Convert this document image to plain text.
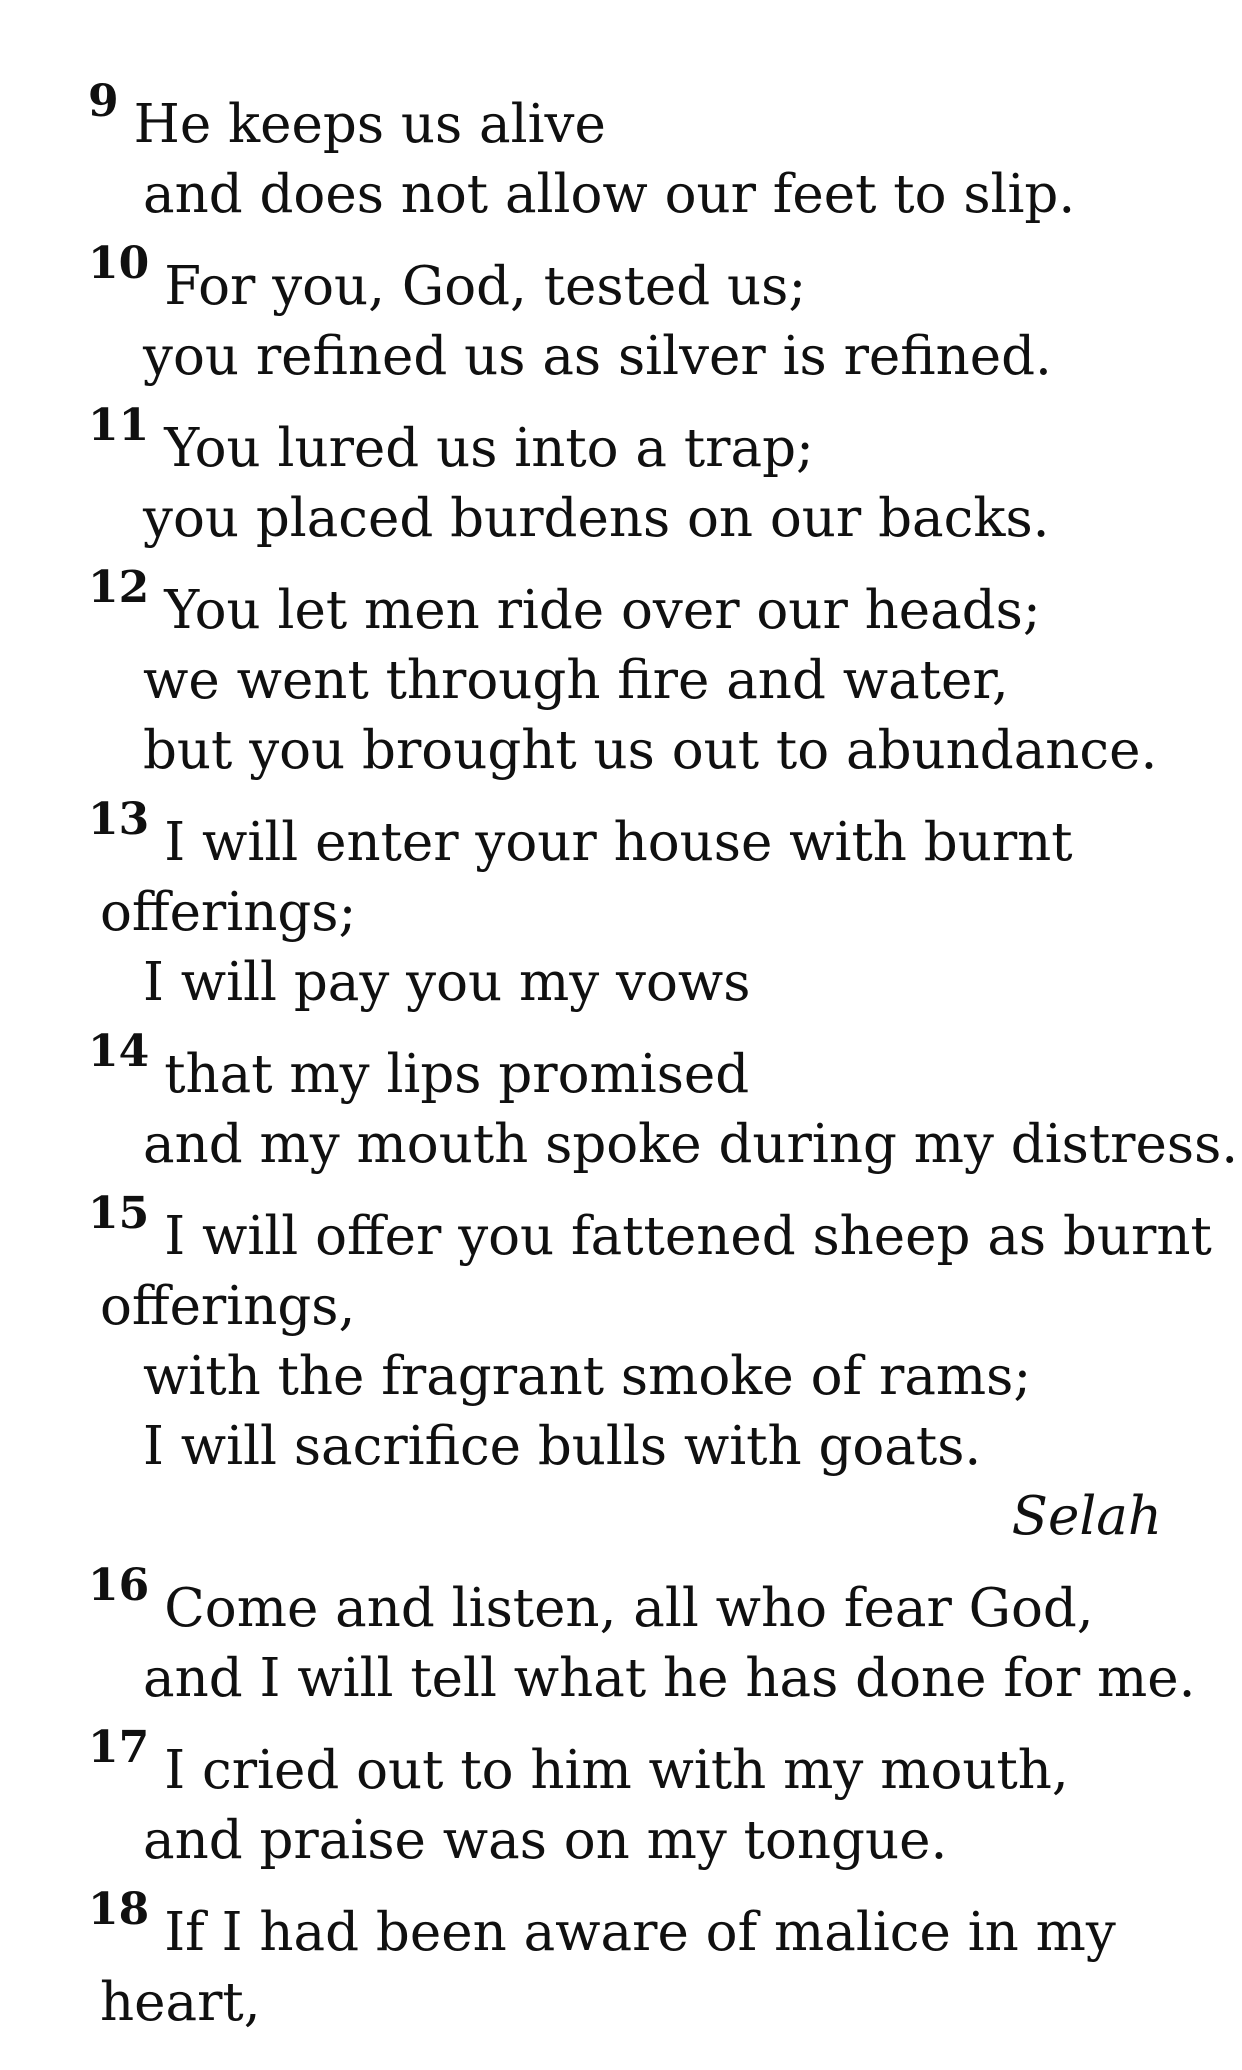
9 He keeps us alive
and does not allow our feet to slip.
10 For you, God, tested us;
you refined us as silver is refined.
11 You lured us into a trap;
you placed burdens on our backs.
12 You let men ride over our heads;
we went through fire and water,
but you brought us out to abundance.
13 I will enter your house with burnt
offerings;
I will pay you my vows
14 that my lips promised
and my mouth spoke during my distress.
15 I will offer you fattened sheep as burnt
offerings,
with the fragrant smoke of rams;
I will sacrifice bulls with goats.
Selah
16 Come and listen, all who fear God,
and I will tell what he has done for me.
17 I cried out to him with my mouth,
and praise was on my tongue.
18 If I had been aware of malice in my
heart,
